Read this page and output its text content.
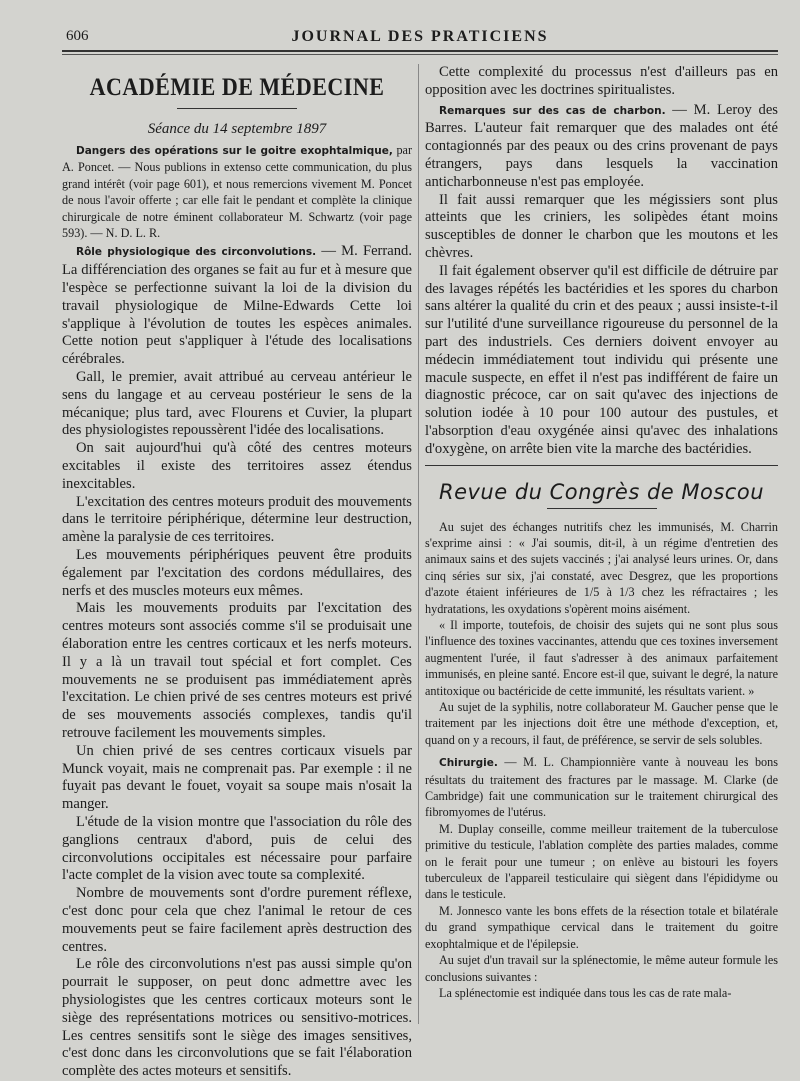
606	JOURNAL DES PRATICIENS
ACADÉMIE DE MÉDECINE

Séance du 14 septembre 1897

Dangers des opérations sur le goitre exophtalmique, par A. Poncet. — Nous publions in extenso cette communication, du plus grand intérêt (voir page 601), et nous remercions vivement M. Poncet de nous l'avoir offerte ; car elle fait le pendant et complète la clinique chirurgicale de notre éminent collaborateur M. Schwartz (voir page 593). — N. D. L. R.

Rôle physiologique des circonvolutions. — M. Ferrand. La différenciation des organes se fait au fur et à mesure que l'espèce se perfectionne suivant la loi de la division du travail physiologique de Milne-Edwards Cette loi s'applique à l'évolution de toutes les espèces animales. Cette notion peut s'appliquer à l'étude des localisations cérébrales.

Gall, le premier, avait attribué au cerveau antérieur le sens du langage et au cerveau postérieur le sens de la mécanique; plus tard, avec Flourens et Cuvier, la plupart des physiologistes repoussèrent l'idée des localisations.

On sait aujourd'hui qu'à côté des centres moteurs excitables il existe des territoires assez étendus inexcitables.

L'excitation des centres moteurs produit des mouvements dans le territoire périphérique, détermine leur destruction, amène la paralysie de ces territoires.

Les mouvements périphériques peuvent être produits également par l'excitation des cordons médullaires, des nerfs et des muscles moteurs eux mêmes.

Mais les mouvements produits par l'excitation des centres moteurs sont associés comme s'il se produisait une élaboration entre les centres corticaux et les nerfs moteurs. Il y a là un travail tout spécial et fort complet. Ces mouvements ne se produisent pas immédiatement après l'excitation. Le chien privé de ses centres moteurs est privé de ses mouvements associés complexes, tandis qu'il retrouve facilement les mouvements simples.

Un chien privé de ses centres corticaux visuels par Munck voyait, mais ne comprenait pas. Par exemple : il ne fuyait pas devant le fouet, voyait sa soupe mais n'osait la manger.

L'étude de la vision montre que l'association du rôle des ganglions centraux d'abord, puis de celui des circonvolutions occipitales est nécessaire pour parfaire l'acte complet de la vision avec toute sa complexité.

Nombre de mouvements sont d'ordre purement réflexe, c'est donc pour cela que chez l'animal le retour de ces mouvements peut se faire facilement après destruction des centres.

Le rôle des circonvolutions n'est pas aussi simple qu'on pourrait le supposer, on peut donc admettre avec les physiologistes que les centres corticaux moteurs sont le siège des représentations motrices ou sensitivo-motrices. Les centres sensitifs sont le siège des images sensitives, c'est donc dans les circonvolutions que se fait l'élaboration complète des actes moteurs et sensitifs.

Cette complexité du processus n'est d'ailleurs pas en opposition avec les doctrines spiritualistes.

Remarques sur des cas de charbon. — M. Leroy des Barres. L'auteur fait remarquer que des malades ont été contagionnés par des peaux ou des crins provenant de pays étrangers, pays dans lesquels la vaccination anticharbonneuse n'est pas employée.

Il fait aussi remarquer que les mégissiers sont plus atteints que les criniers, les solipèdes étant moins susceptibles de donner le charbon que les moutons et les chèvres.

Il fait également observer qu'il est difficile de détruire par des lavages répétés les bactéridies et les spores du charbon sans altérer la qualité du crin et des peaux ; aussi insiste-t-il sur l'utilité d'une surveillance rigoureuse du personnel de la part des industriels. Ces derniers doivent envoyer au médecin immédiatement tout individu qui présente une macule suspecte, en effet il n'est pas indifférent de faire un diagnostic précoce, car on sait qu'avec des injections de solution iodée à 10 pour 100 autour des pustules, et l'absorption d'eau oxygénée ainsi qu'avec des inhalations d'oxygène, on arrête bien vite la marche des bactéridies.

Revue du Congrès de Moscou

Au sujet des échanges nutritifs chez les immunisés, M. Charrin s'exprime ainsi : « J'ai soumis, dit-il, à un régime d'entretien des animaux sains et des sujets vaccinés ; j'ai analysé leurs urines. Or, dans cinq séries sur six, j'ai constaté, avec Desgrez, que les proportions d'azote étaient inférieures de 1/5 à 1/3 chez les réfractaires ; les hydratations, les oxydations s'opèrent moins aisément.

« Il importe, toutefois, de choisir des sujets qui ne sont plus sous l'influence des toxines vaccinantes, attendu que ces toxines inversement augmentent l'urée, il faut s'adresser à des animaux parfaitement immunisés, en pleine santé. Encore est-il que, suivant le degré, la nature antitoxique ou bactéricide de cette immunité, les résultats varient. »

Au sujet de la syphilis, notre collaborateur M. Gaucher pense que le traitement par les injections doit être une méthode d'exception, et, quand on y a recours, il faut, de préférence, se servir de sels solubles.

Chirurgie. — M. L. Championnière vante à nouveau les bons résultats du traitement des fractures par le massage. M. Clarke (de Cambridge) fait une communication sur le traitement chirurgical des fibromyomes de l'utérus.

M. Duplay conseille, comme meilleur traitement de la tuberculose primitive du testicule, l'ablation complète des parties malades, comme on le ferait pour une tumeur ; on enlève au bistouri les foyers tuberculeux de l'appareil testiculaire qui siègent dans l'épididyme ou dans le testicule.

M. Jonnesco vante les bons effets de la résection totale et bilatérale du grand sympathique cervical dans le traitement du goitre exophtalmique et de l'épilepsie.

Au sujet d'un travail sur la splénectomie, le même auteur formule les conclusions suivantes :

La splénectomie est indiquée dans tous les cas de rate mala-
